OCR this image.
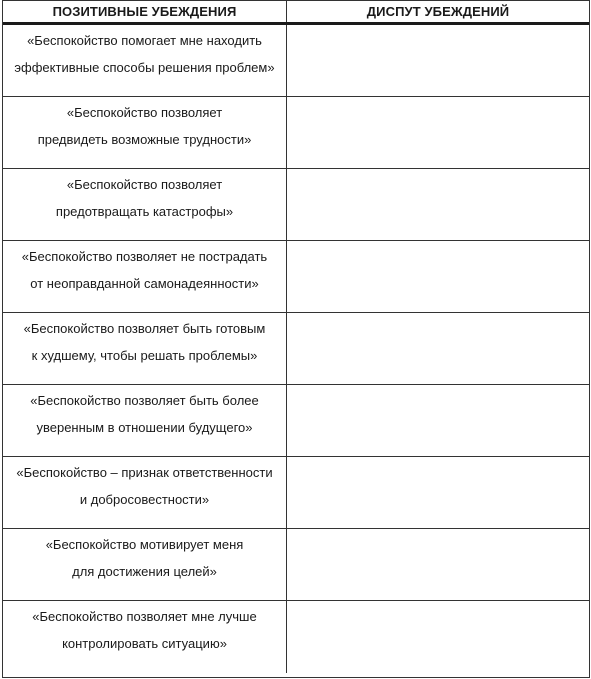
ПОЗИТИВНЫЕ УБЕЖДЕНИЯ	ДИСПУТ УБЕЖДЕНИЙ
«Беспокойство помогает мне находить
эффективные способы решения проблем»
«Беспокойство позволяет
предвидеть возможные трудности»
«Беспокойство позволяет
предотвращать катастрофы»
«Беспокойство позволяет не пострадать
от неоправданной самонадеянности»
«Беспокойство позволяет быть готовым
к худшему, чтобы решать проблемы»
«Беспокойство позволяет быть более
уверенным в отношении будущего»
«Беспокойство – признак ответственности
и добросовестности»
«Беспокойство мотивирует меня
для достижения целей»
«Беспокойство позволяет мне лучше
контролировать ситуацию»
